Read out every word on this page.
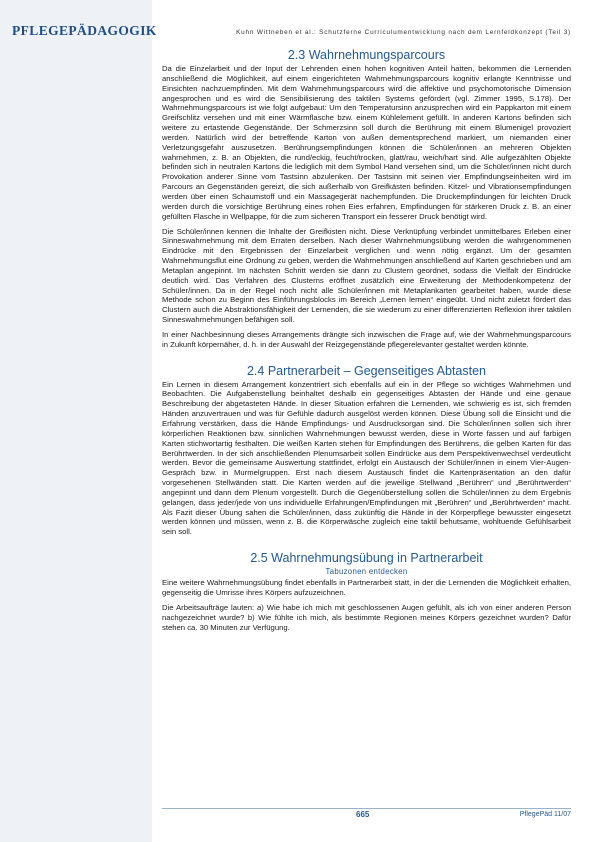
PFLEGEPÄDAGOGIK	Kuhn Wittneben et al.: Schutzferne Curriculumentwicklung nach dem Lernfeldkonzept (Teil 3)

2.3 Wahrnehmungsparcours

Da die Einzelarbeit und der Input der Lehrenden einen hohen kognitiven Anteil hatten, bekommen die Lernenden anschließend die Möglichkeit, auf einem eingerichteten Wahrnehmungsparcours kognitiv erlangte Kenntnisse und Einsichten nachzuempfinden. Mit dem Wahrnehmungsparcours wird die affektive und psychomotorische Dimension angesprochen und es wird die Sensibilisierung des taktilen Systems gefördert (vgl. Zimmer 1995, S.178). Der Wahrnehmungsparcours ist wie folgt aufgebaut: Um den Temperatursinn anzusprechen wird ein Pappkarton mit einem Greifschlitz versehen und mit einer Wärmflasche bzw. einem Kühlelement gefüllt. In anderen Kartons befinden sich weitere zu ertastende Gegenstände. Der Schmerzsinn soll durch die Berührung mit einem Blumenigel provoziert werden. Natürlich wird der betreffende Karton von außen dementsprechend markiert, um niemanden einer Verletzungsgefahr auszusetzen. Berührungsempfindungen können die Schüler/innen an mehreren Objekten wahrnehmen, z. B. an Objekten, die rund/eckig, feucht/trocken, glatt/rau, weich/hart sind. Alle aufgezählten Objekte befinden sich in neutralen Kartons die lediglich mit dem Symbol Hand versehen sind, um die Schüler/innen nicht durch Provokation anderer Sinne vom Tastsinn abzulenken. Der Tastsinn mit seinen vier Empfindungseinheiten wird im Parcours an Gegenständen gereizt, die sich außerhalb von Greifkästen befinden. Kitzel- und Vibrationsempfindungen werden über einen Schaumstoff und ein Massagegerät nachempfunden. Die Druckempfindungen für leichten Druck werden durch die vorsichtige Berührung eines rohen Eies erfahren, Empfindungen für stärkeren Druck z. B. an einer gefüllten Flasche in Wellpappe, für die zum sicheren Transport ein fesserer Druck benötigt wird.

Die Schüler/innen kennen die Inhalte der Greifkisten nicht. Diese Verknüpfung verbindet unmittelbares Erleben einer Sinneswahrnehmung mit dem Erraten derselben. Nach dieser Wahrnehmungsübung werden die wahrgenommenen Eindrücke mit den Ergebnissen der Einzelarbeit verglichen und wenn nötig ergänzt. Um der gesamten Wahrnehmungsflut eine Ordnung zu geben, werden die Wahrnehmungen anschließend auf Karten geschrieben und am Metaplan angepinnt. Im nächsten Schritt werden sie dann zu Clustern geordnet, sodass die Vielfalt der Eindrücke deutlich wird. Das Verfahren des Clusterns eröffnet zusätzlich eine Erweiterung der Methodenkompetenz der Schüler/innen. Da in der Regel noch nicht alle Schüler/innen mit Metaplankarten gearbeitet haben, wurde diese Methode schon zu Beginn des Einführungsblocks im Bereich „Lernen lernen“ eingeübt. Und nicht zuletzt fördert das Clustern auch die Abstraktionsfähigkeit der Lernenden, die sie wiederum zu einer differenzierten Reflexion ihrer taktilen Sinneswahrnehmungen befähigen soll.

In einer Nachbesinnung dieses Arrangements drängte sich inzwischen die Frage auf, wie der Wahrnehmungsparcours in Zukunft körpernäher, d. h. in der Auswahl der Reizgegenstände pflegerelevanter gestaltet werden könnte.

2.4 Partnerarbeit – Gegenseitiges Abtasten

Ein Lernen in diesem Arrangement konzentriert sich ebenfalls auf ein in der Pflege so wichtiges Wahrnehmen und Beobachten. Die Aufgabenstellung beinhaltet deshalb ein gegenseitiges Abtasten der Hände und eine genaue Beschreibung der abgetasteten Hände. In dieser Situation erfahren die Lernenden, wie schwierig es ist, sich fremden Händen anzuvertrauen und was für Gefühle dadurch ausgelöst werden können. Diese Übung soll die Einsicht und die Erfahrung verstärken, dass die Hände Empfindungs- und Ausdrucksorgan sind. Die Schüler/innen sollen sich ihrer körperlichen Reaktionen bzw. sinnlichen Wahrnehmungen bewusst werden, diese in Worte fassen und auf farbigen Karten stichwortartig festhalten. Die weißen Karten stehen für Empfindungen des Berührens, die gelben Karten für das Berührtwerden. In der sich anschließenden Plenumsarbeit sollen Eindrücke aus dem Perspektivenwechsel verdeutlicht werden. Bevor die gemeinsame Auswertung stattfindet, erfolgt ein Austausch der Schüler/innen in einem Vier-Augen-Gespräch bzw. in Murmelgruppen. Erst nach diesem Austausch findet die Kartenpräsentation an den dafür vorgesehenen Stellwänden statt. Die Karten werden auf die jeweilige Stellwand „Berühren“ und „Berührtwerden“ angepinnt und dann dem Plenum vorgestellt. Durch die Gegenüberstellung sollen die Schüler/innen zu dem Ergebnis gelangen, dass jeder/jede von uns individuelle Erfahrungen/Empfindungen mit „Berühren“ und „Berührtwerden“ macht. Als Fazit dieser Übung sahen die Schüler/innen, dass zukünftig die Hände in der Körperpflege bewusster eingesetzt werden können und müssen, wenn z. B. die Körperwäsche zugleich eine taktil behutsame, wohltuende Gefühlsarbeit sein soll.

2.5 Wahrnehmungsübung in Partnerarbeit
Tabuzonen entdecken

Eine weitere Wahrnehmungsübung findet ebenfalls in Partnerarbeit statt, in der die Lernenden die Möglichkeit erhalten, gegenseitig die Umrisse ihres Körpers aufzuzeichnen.

Die Arbeitsaufträge lauten: a) Wie habe ich mich mit geschlossenen Augen gefühlt, als ich von einer anderen Person nachgezeichnet wurde? b) Wie fühlte ich mich, als bestimmte Regionen meines Körpers gezeichnet wurden? Dafür stehen ca. 30 Minuten zur Verfügung.

665	PflegePäd 11/07
